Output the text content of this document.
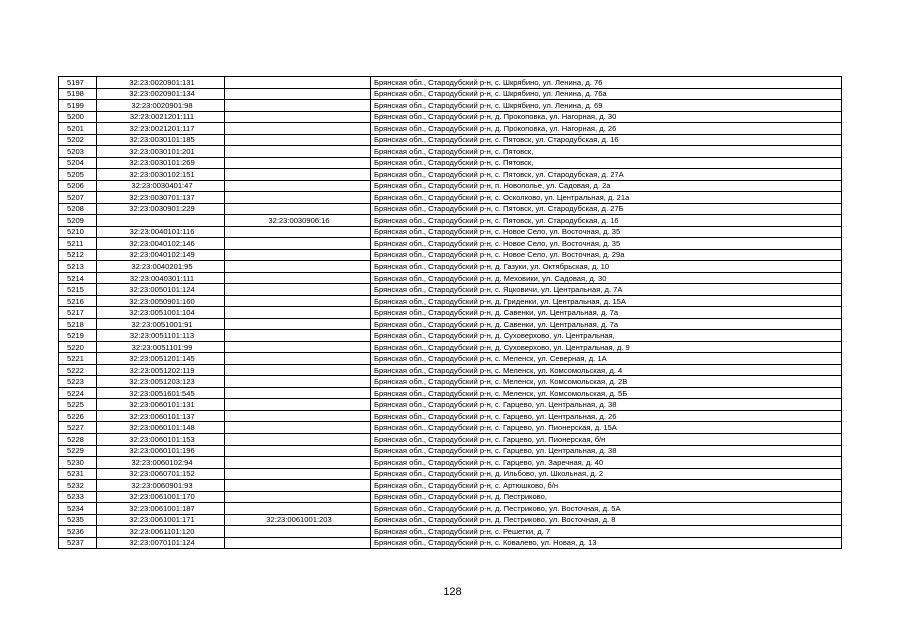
5197	32:23:0020901:131		Брянская обл., Стародубский р-н, с. Шкрябино, ул. Ленина, д. 76
5198	32:23:0020901:134		Брянская обл., Стародубский р-н, с. Шкрябино, ул. Ленина, д. 76а
5199	32:23:0020901:98		Брянская обл., Стародубский р-н, с. Шкрябино, ул. Ленина, д. 69
5200	32:23:0021201:111		Брянская обл., Стародубский р-н, д. Прокоповка, ул. Нагорная, д. 30
5201	32:23:0021201:117		Брянская обл., Стародубский р-н, д. Прокоповка, ул. Нагорная, д. 26
5202	32:23:0030101:185		Брянская обл., Стародубский р-н, с. Пятовск, ул. Стародубская, д. 16
5203	32:23:0030101:201		Брянская обл., Стародубский р-н, с. Пятовск,
5204	32:23:0030101:269		Брянская обл., Стародубский р-н, с. Пятовск,
5205	32:23:0030102:151		Брянская обл., Стародубский р-н, с. Пятовск, ул. Стародубская, д. 27А
5206	32:23:0030401:47		Брянская обл., Стародубский р-н, п. Новополье, ул. Садовая, д. 2а
5207	32:23:0030701:137		Брянская обл., Стародубский р-н, с. Осколково, ул. Центральная, д. 21а
5208	32:23:0030901:229		Брянская обл., Стародубский р-н, с. Пятовск, ул. Стародубская, д. 27Б
5209		32:23:0030906:16	Брянская обл., Стародубский р-н, с. Пятовск, ул. Стародубская, д. 16
5210	32:23:0040101:116		Брянская обл., Стародубский р-н, с. Новое Село, ул. Восточная, д. 35
5211	32:23:0040102:146		Брянская обл., Стародубский р-н, с. Новое Село, ул. Восточная, д. 35
5212	32:23:0040102:149		Брянская обл., Стародубский р-н, с. Новое Село, ул. Восточная, д. 29а
5213	32:23:0040201:95		Брянская обл., Стародубский р-н, д. Газуки, ул. Октябрьская, д. 10
5214	32:23:0040301:111		Брянская обл., Стародубский р-н, д. Меховики, ул. Садовая, д. 30
5215	32:23:0050101:124		Брянская обл., Стародубский р-н, с. Яцковичи, ул. Центральная, д. 7А
5216	32:23:0050901:160		Брянская обл., Стародубский р-н, д. Гриденки, ул. Центральная, д. 15А
5217	32:23:0051001:104		Брянская обл., Стародубский р-н, д. Савенки, ул. Центральная, д. 7а
5218	32:23:0051001:91		Брянская обл., Стародубский р-н, д. Савенки, ул. Центральная, д. 7а
5219	32:23:0051101:113		Брянская обл., Стародубский р-н, д. Суховерхово, ул. Центральная,
5220	32:23:0051101:99		Брянская обл., Стародубский р-н, д. Суховерхово, ул. Центральная, д. 9
5221	32:23:0051201:145		Брянская обл., Стародубский р-н, с. Меленск, ул. Северная, д. 1А
5222	32:23:0051202:119		Брянская обл., Стародубский р-н, с. Меленск, ул. Комсомольская, д. 4
5223	32:23:0051203:123		Брянская обл., Стародубский р-н, с. Меленск, ул. Комсомольская, д. 2В
5224	32:23:0051601:545		Брянская обл., Стародубский р-н, с. Меленск, ул. Комсомольская, д. 5Б
5225	32:23:0060101:131		Брянская обл., Стародубский р-н, с. Гарцево, ул. Центральная, д. 38
5226	32:23:0060101:137		Брянская обл., Стародубский р-н, с. Гарцево, ул. Центральная, д. 26
5227	32:23:0060101:148		Брянская обл., Стародубский р-н, с. Гарцево, ул. Пионерская, д. 15А
5228	32:23:0060101:153		Брянская обл., Стародубский р-н, с. Гарцево, ул. Пионерская, б/н
5229	32:23:0060101:196		Брянская обл., Стародубский р-н, с. Гарцево, ул. Центральная, д. 38
5230	32:23:0060102:94		Брянская обл., Стародубский р-н, с. Гарцево, ул. Заречная, д. 40
5231	32:23:0060701:152		Брянская обл., Стародубский р-н, д. Ильбово, ул. Школьная, д. 2
5232	32:23:0060901:93		Брянская обл., Стародубский р-н, с. Артюшково, б/н
5233	32:23:0061001:170		Брянская обл., Стародубский р-н, д. Пестриково,
5234	32:23:0061001:187		Брянская обл., Стародубский р-н, д. Пестриково, ул. Восточная, д. 5А
5235	32:23:0061001:171	32:23:0061001:203	Брянская обл., Стародубский р-н, д. Пестриково, ул. Восточная, д. 8
5236	32:23:0061101:120		Брянская обл., Стародубский р-н, с. Решетки, д. 7
5237	32:23:0070101:124		Брянская обл., Стародубский р-н, с. Ковалево, ул. Новая, д. 13
128
